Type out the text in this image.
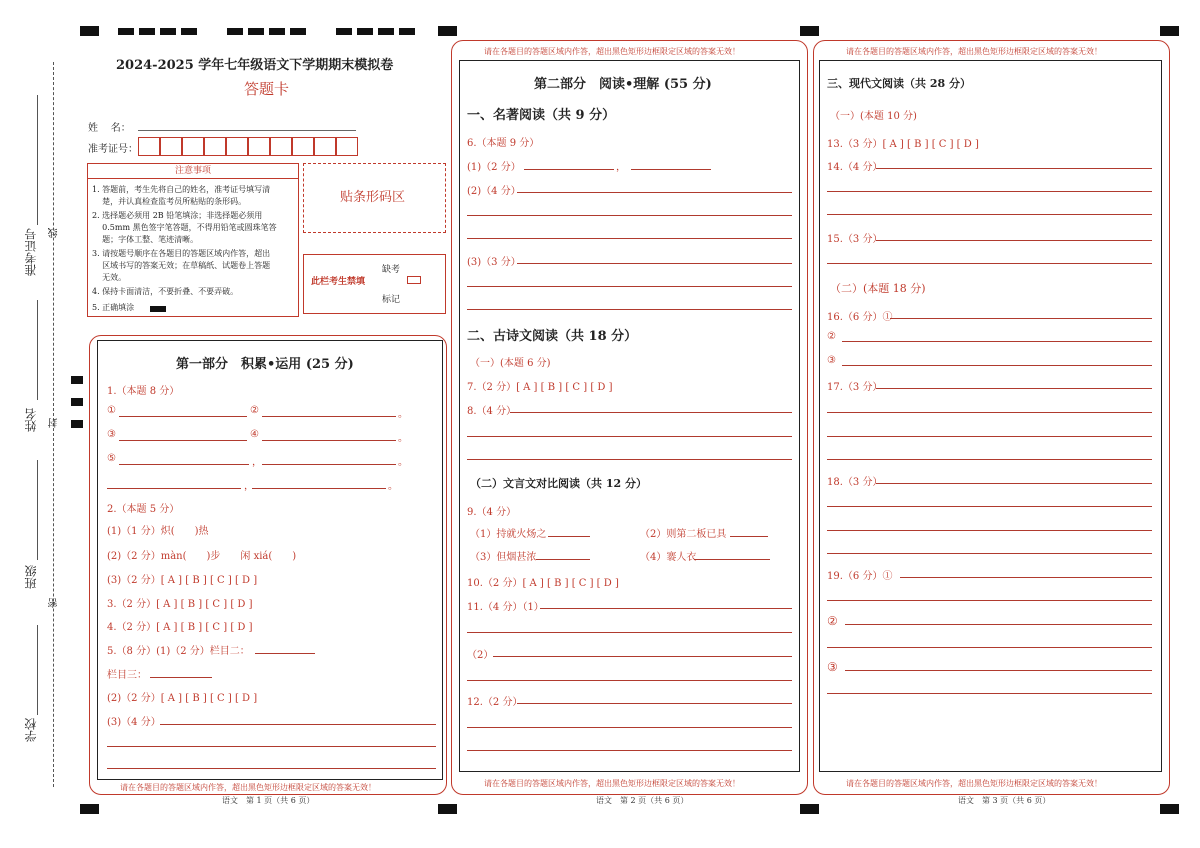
准考证号
姓名
班级
学校
线
封
密
2024-2025 学年七年级语文下学期期末模拟卷
答题卡
姓    名：
准考证号：
注意事项
1. 答题前，考生先将自己的姓名，准考证号填写清
楚，并认真检查监考员所粘贴的条形码。
2. 选择题必须用 2B 铅笔填涂；非选择题必须用
0.5mm 黑色签字笔答题，不得用铅笔或圆珠笔答
题；字体工整、笔迹清晰。
3. 请按题号顺序在各题目的答题区域内作答，超出
区域书写的答案无效；在草稿纸、试题卷上答题
无效。
4. 保持卡面清洁，不要折叠、不要弄破。
5. 正确填涂
贴条形码区
此栏考生禁填
缺考
标记
请在各题目的答题区域内作答，超出黑色矩形边框限定区域的答案无效！
语文　第 1 页（共 6 页）
第一部分　积累•运用 (25 分)
1.（本题 8 分）
①	②	。
③	④	。
⑤	，	。
，	。
2.（本题 5 分）
(1)（1 分）炽(　　)热
(2)（2 分）màn(　　)步　　闲 xiá(　　)
(3)（2 分）[ A ] [ B ] [ C ] [ D ]
3.（2 分）[ A ] [ B ] [ C ] [ D ]
4.（2 分）[ A ] [ B ] [ C ] [ D ]
5.（8 分）(1)（2 分）栏目二：
栏目三：
(2)（2 分）[ A ] [ B ] [ C ] [ D ]
(3)（4 分）
请在各题目的答题区域内作答，超出黑色矩形边框限定区域的答案无效！
请在各题目的答题区域内作答，超出黑色矩形边框限定区域的答案无效！
语文　第 2 页（共 6 页）
第二部分　阅读•理解 (55 分)
一、名著阅读（共 9 分）
6.（本题 9 分）
(1)（2 分）	，
(2)（4 分）
(3)（3 分）
二、古诗文阅读（共 18 分）
（一）(本题 6 分)
7.（2 分）[ A ] [ B ] [ C ] [ D ]
8.（4 分）
（二）文言文对比阅读（共 12 分）
9.（4 分）
（1）持就火炀之	（2）则第二板已具
（3）但烟甚浓	（4）褰人衣
10.（2 分）[ A ] [ B ] [ C ] [ D ]
11.（4 分）（1）
（2）
12.（2 分）
请在各题目的答题区域内作答，超出黑色矩形边框限定区域的答案无效！
请在各题目的答题区域内作答，超出黑色矩形边框限定区域的答案无效！
语文　第 3 页（共 6 页）
三、现代文阅读（共 28 分）
（一）(本题 10 分)
13.（3 分）[ A ] [ B ] [ C ] [ D ]
14.（4 分）
15.（3 分）
（二）(本题 18 分)
16.（6 分）①
②
③
17.（3 分）
18.（3 分）
19.（6 分）①
②
③
